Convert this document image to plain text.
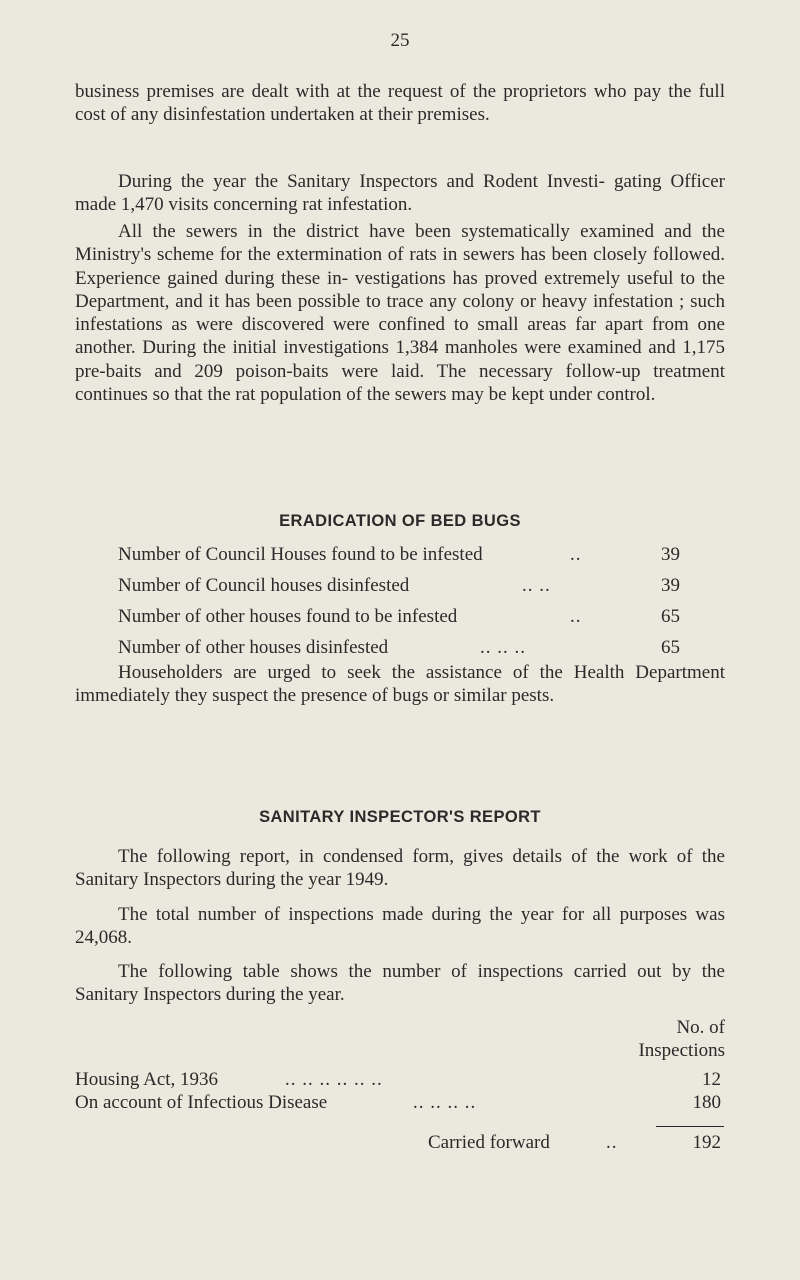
25

business premises are dealt with at the request of the proprietors who pay the full cost of any disinfestation undertaken at their premises.

During the year the Sanitary Inspectors and Rodent Investi- gating Officer made 1,470 visits concerning rat infestation.

All the sewers in the district have been systematically examined and the Ministry's scheme for the extermination of rats in sewers has been closely followed. Experience gained during these in- vestigations has proved extremely useful to the Department, and it has been possible to trace any colony or heavy infestation ; such infestations as were discovered were confined to small areas far apart from one another. During the initial investigations 1,384 manholes were examined and 1,175 pre-baits and 209 poison-baits were laid. The necessary follow-up treatment continues so that the rat population of the sewers may be kept under control.

ERADICATION OF BED BUGS
Number of Council Houses found to be infested	..	39
Number of Council houses disinfested	.. ..	39
Number of other houses found to be infested	..	65
Number of other houses disinfested	.. .. ..	65

Householders are urged to seek the assistance of the Health Department immediately they suspect the presence of bugs or similar pests.

SANITARY INSPECTOR'S REPORT

The following report, in condensed form, gives details of the work of the Sanitary Inspectors during the year 1949.

The total number of inspections made during the year for all purposes was 24,068.

The following table shows the number of inspections carried out by the Sanitary Inspectors during the year.

No. of
Inspections
Housing Act, 1936	.. .. .. .. .. ..	12
On account of Infectious Disease	.. .. .. ..	180
Carried forward	..	192
